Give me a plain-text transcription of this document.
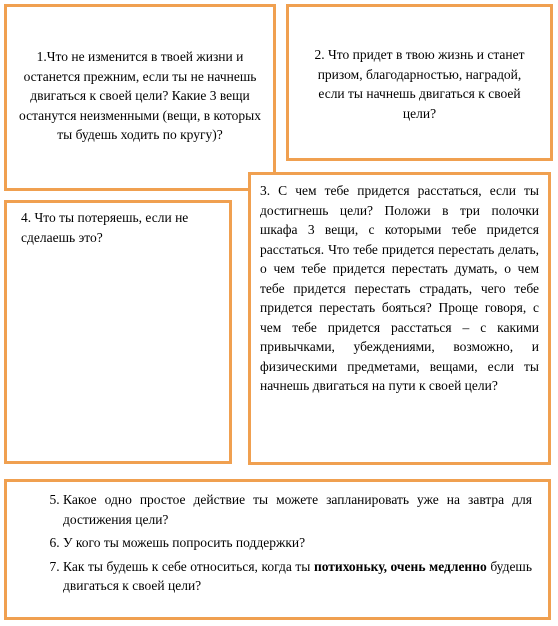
1.Что не изменится в твоей жизни и останется прежним, если ты не начнешь двигаться к своей цели? Какие 3 вещи останутся неизменными (вещи, в которых ты будешь ходить по кругу)?

2. Что придет в твою жизнь и станет призом, благодарностью, наградой, если ты начнешь двигаться к своей цели?

4. Что ты потеряешь, если не сделаешь это?

3. С чем тебе придется расстаться, если ты достигнешь цели? Положи в три полочки шкафа 3 вещи, с которыми тебе придется расстаться. Что тебе придется перестать делать, о чем тебе придется перестать думать, о чем тебе придется перестать страдать, чего тебе придется перестать бояться? Проще говоря, с чем тебе придется расстаться – с какими привычками, убеждениями, возможно, и физическими предметами, вещами, если ты начнешь двигаться на пути к своей цели?

5. Какое одно простое действие ты можете запланировать уже на завтра для достижения цели?
6. У кого ты можешь попросить поддержки?
7. Как ты будешь к себе относиться, когда ты потихоньку, очень медленно будешь двигаться к своей цели?
